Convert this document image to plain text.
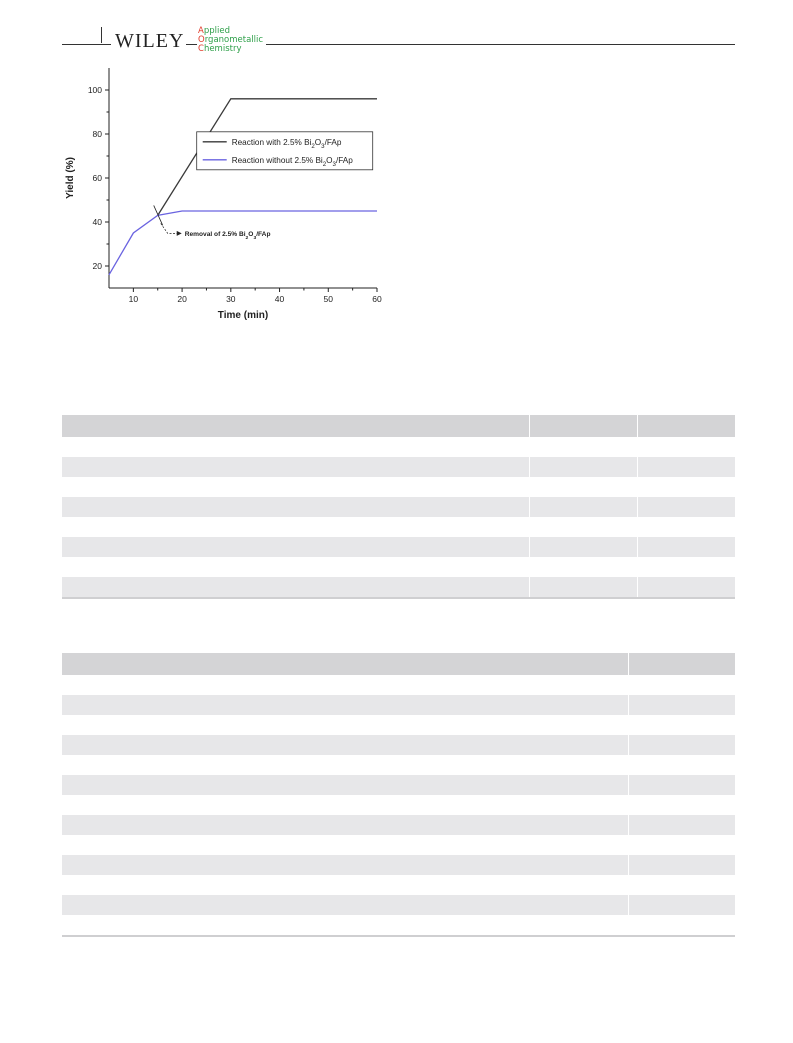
WILEY Applied
Organometallic
Chemistry
10	20	30	40	50	60
20
40
60
80
100
Time (min)
Yield (%)
Reaction with 2.5% $Bi_2O_3$/FAp
Reaction without 2.5% $Bi_2O_3$/FAp
Removal of 2.5% $Bi_2O_3$/FAp
